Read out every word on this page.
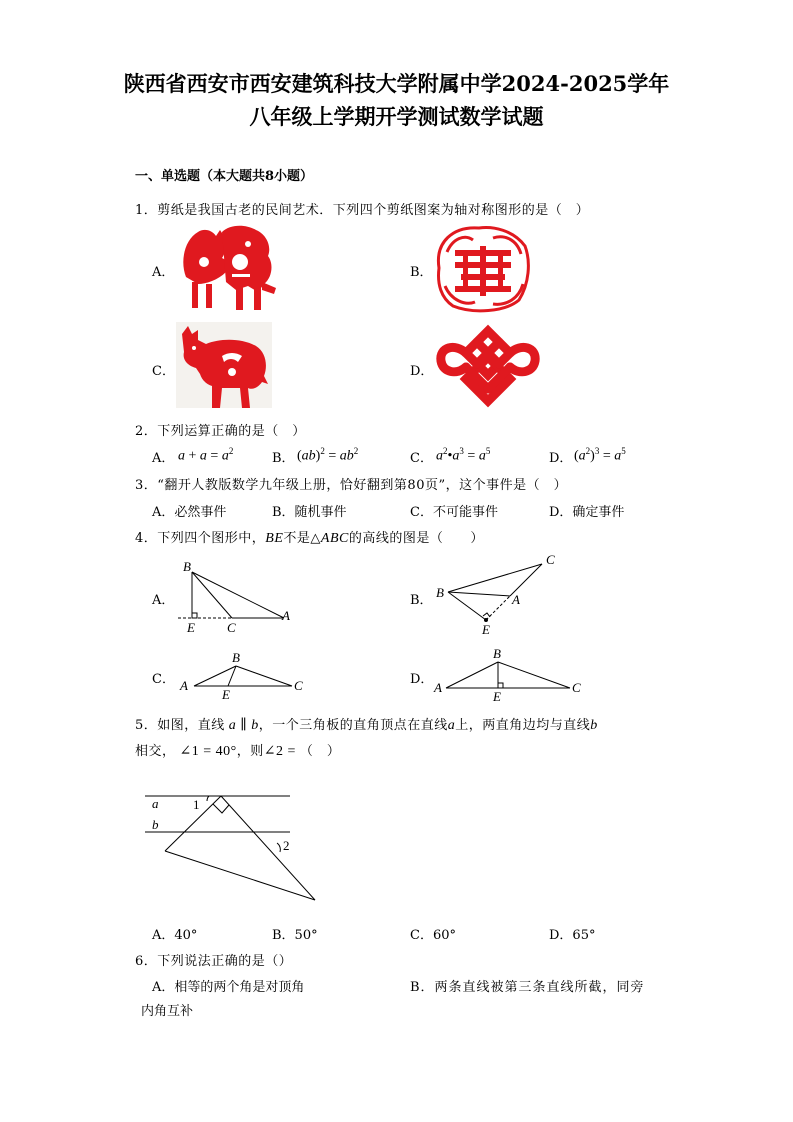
陕西省西安市西安建筑科技大学附属中学2024-2025学年
八年级上学期开学测试数学试题
一、单选题（本大题共8小题）
1．剪纸是我国古老的民间艺术．下列四个剪纸图案为轴对称图形的是（　）
A．	B．
C．	D．
2．下列运算正确的是（　）
A． $a + a = a^2$	B． $(ab)^2 = ab^2$	C． $a^2•a^3 = a^5$	D． $(a^2)^3 = a^5$
3．“翻开人教版数学九年级上册，恰好翻到第80页”，这个事件是（　）
A．必然事件	B．随机事件	C．不可能事件	D．确定事件
4．下列四个图形中，BE不是△ABC的高线的图是（　　）
A．	B．
C．	D．
B
E C
A
B
C
A
E
A
B
C
E	A
B
C
E
5．如图，直线 a ∥ b，一个三角板的直角顶点在直线a上，两直角边均与直线b
相交， ∠1 = 40°，则∠2 = （　）
a
b
1
2
A．40°	B．50°	C．60°	D．65°
6．下列说法正确的是（）
A．相等的两个角是对顶角	B．两条直线被第三条直线所截，同旁
内角互补
